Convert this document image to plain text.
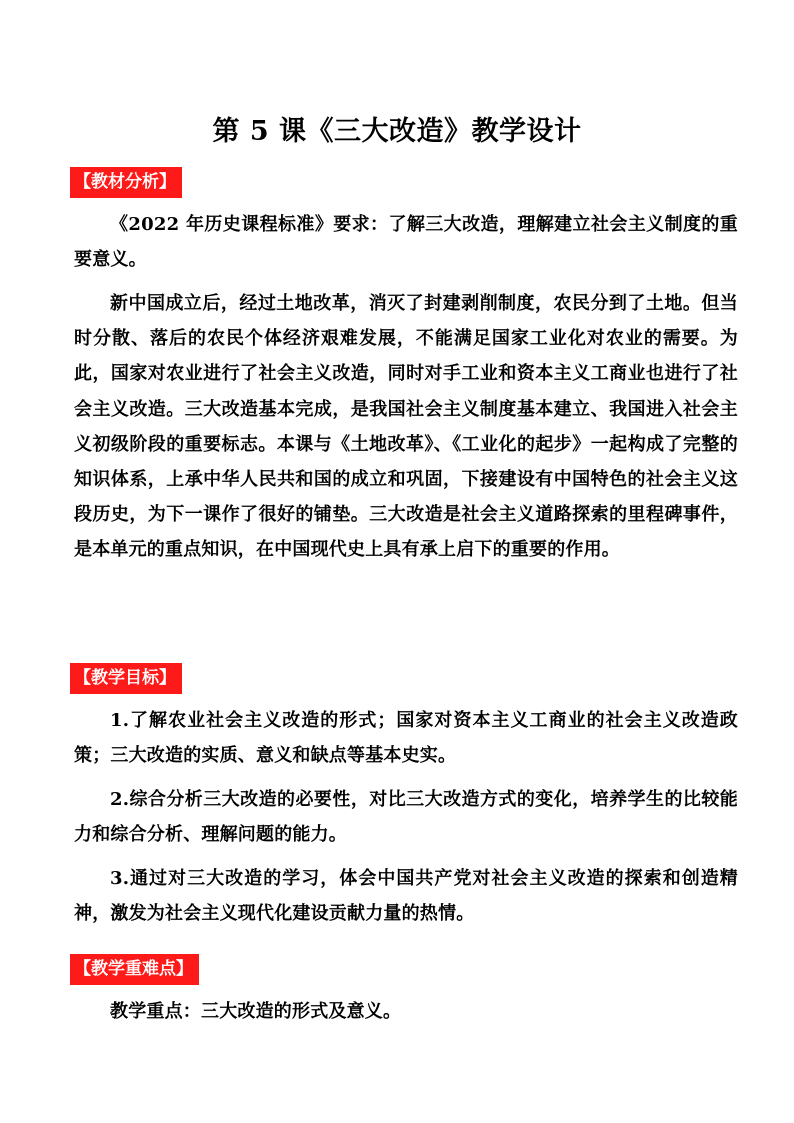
第 5 课《三大改造》教学设计
【教材分析】

《2022 年历史课程标准》要求：了解三大改造，理解建立社会主义制度的重要意义。

新中国成立后，经过土地改革，消灭了封建剥削制度，农民分到了土地。但当时分散、落后的农民个体经济艰难发展，不能满足国家工业化对农业的需要。为此，国家对农业进行了社会主义改造，同时对手工业和资本主义工商业也进行了社会主义改造。三大改造基本完成，是我国社会主义制度基本建立、我国进入社会主义初级阶段的重要标志。本课与《土地改革》、《工业化的起步》一起构成了完整的知识体系，上承中华人民共和国的成立和巩固，下接建设有中国特色的社会主义这段历史，为下一课作了很好的铺垫。三大改造是社会主义道路探索的里程碑事件，是本单元的重点知识，在中国现代史上具有承上启下的重要的作用。

【教学目标】

1.了解农业社会主义改造的形式；国家对资本主义工商业的社会主义改造政策；三大改造的实质、意义和缺点等基本史实。

2.综合分析三大改造的必要性，对比三大改造方式的变化，培养学生的比较能力和综合分析、理解问题的能力。

3.通过对三大改造的学习，体会中国共产党对社会主义改造的探索和创造精神，激发为社会主义现代化建设贡献力量的热情。

【教学重难点】

教学重点：三大改造的形式及意义。
